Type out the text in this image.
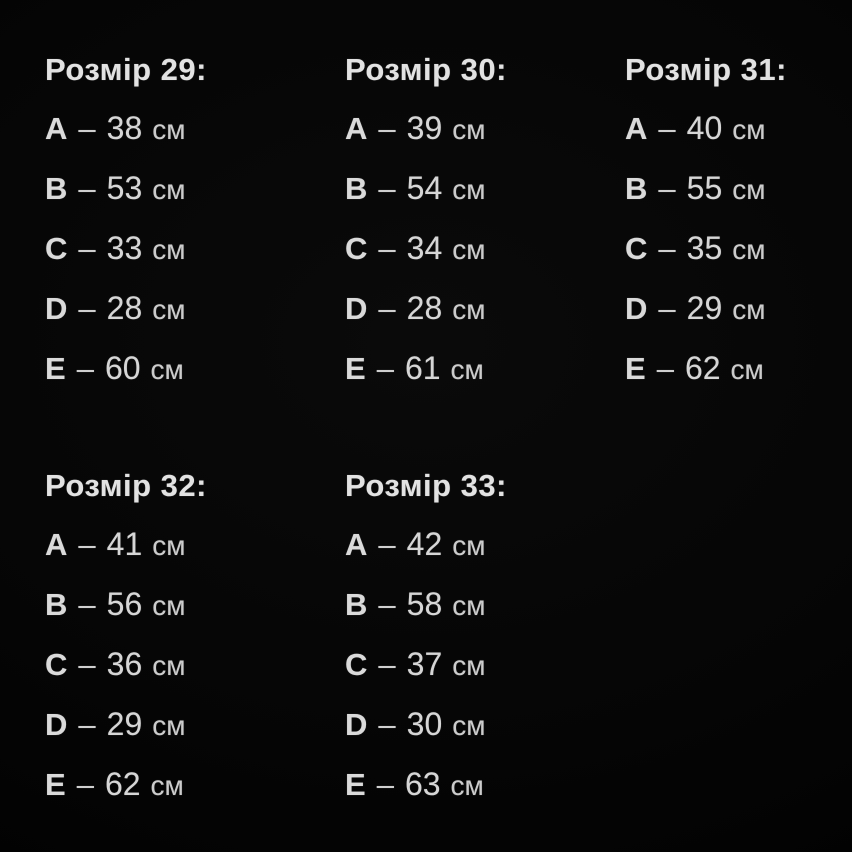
Розмір 29:
A – 38 см
B – 53 см
C – 33 см
D – 28 см
E – 60 см
Розмір 30:
A – 39 см
B – 54 см
C – 34 см
D – 28 см
E – 61 см
Розмір 31:
A – 40 см
B – 55 см
C – 35 см
D – 29 см
E – 62 см
Розмір 32:
A – 41 см
B – 56 см
C – 36 см
D – 29 см
E – 62 см
Розмір 33:
A – 42 см
B – 58 см
C – 37 см
D – 30 см
E – 63 см
